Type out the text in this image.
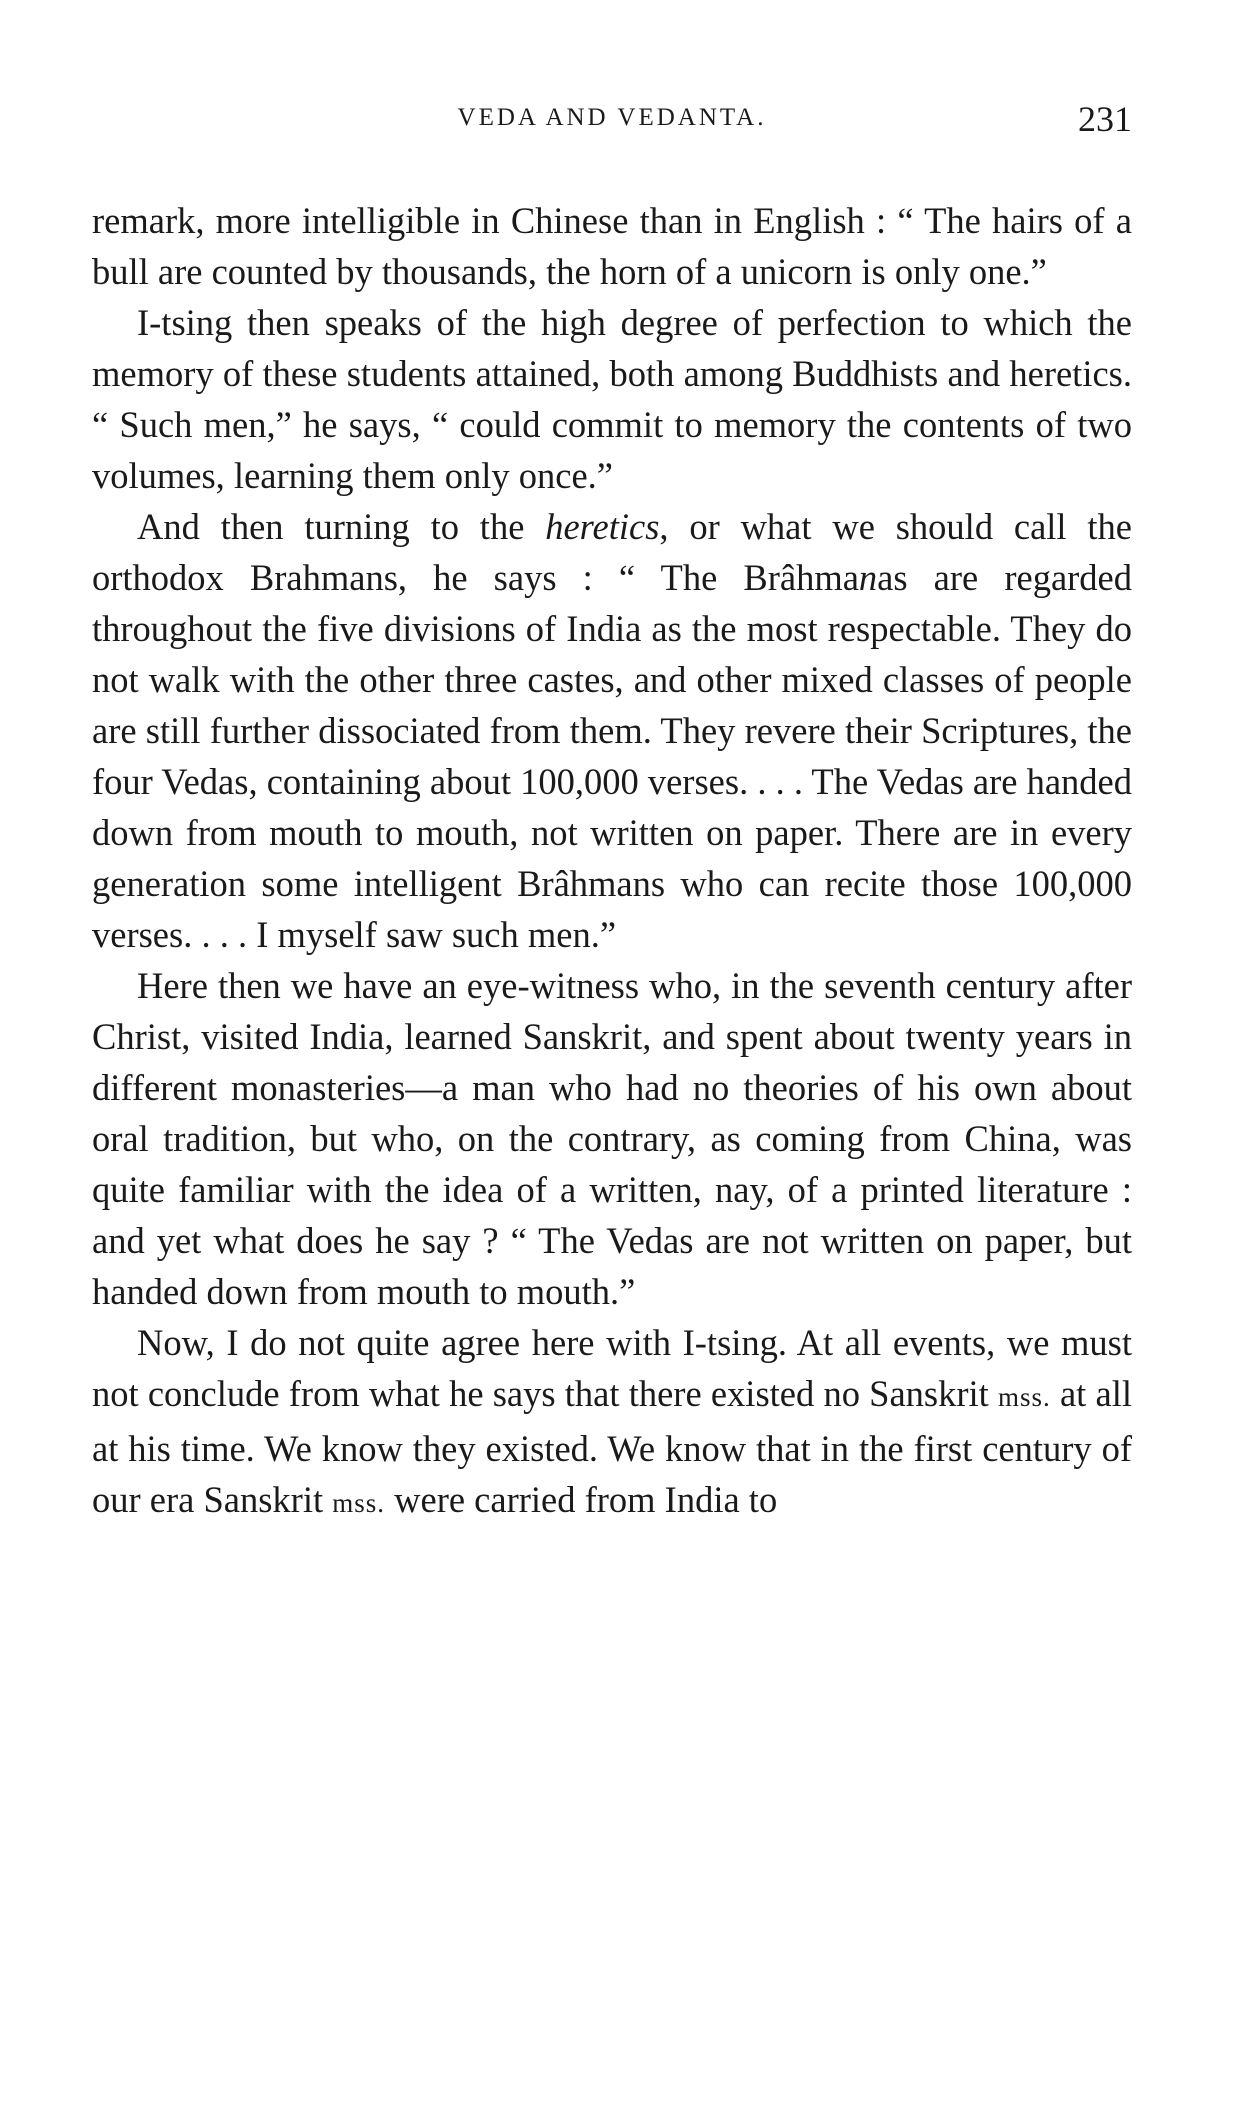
VEDA AND VEDANTA.	231

remark, more intelligible in Chinese than in English : “ The hairs of a bull are counted by thousands, the horn of a unicorn is only one.”

I-tsing then speaks of the high degree of perfection to which the memory of these students attained, both among Buddhists and heretics. “ Such men,” he says, “ could commit to memory the contents of two volumes, learning them only once.”

And then turning to the heretics, or what we should call the orthodox Brahmans, he says : “ The Brâhmanas are regarded throughout the five divisions of India as the most respectable. They do not walk with the other three castes, and other mixed classes of people are still further dissociated from them. They revere their Scriptures, the four Vedas, containing about 100,000 verses. . . . The Vedas are handed down from mouth to mouth, not written on paper. There are in every generation some intelligent Brâhmans who can recite those 100,000 verses. . . . I myself saw such men.”

Here then we have an eye-witness who, in the seventh century after Christ, visited India, learned Sanskrit, and spent about twenty years in different monasteries—a man who had no theories of his own about oral tradition, but who, on the contrary, as coming from China, was quite familiar with the idea of a written, nay, of a printed literature : and yet what does he say ? “ The Vedas are not written on paper, but handed down from mouth to mouth.”

Now, I do not quite agree here with I-tsing. At all events, we must not conclude from what he says that there existed no Sanskrit mss. at all at his time. We know they existed. We know that in the first century of our era Sanskrit mss. were carried from India to
